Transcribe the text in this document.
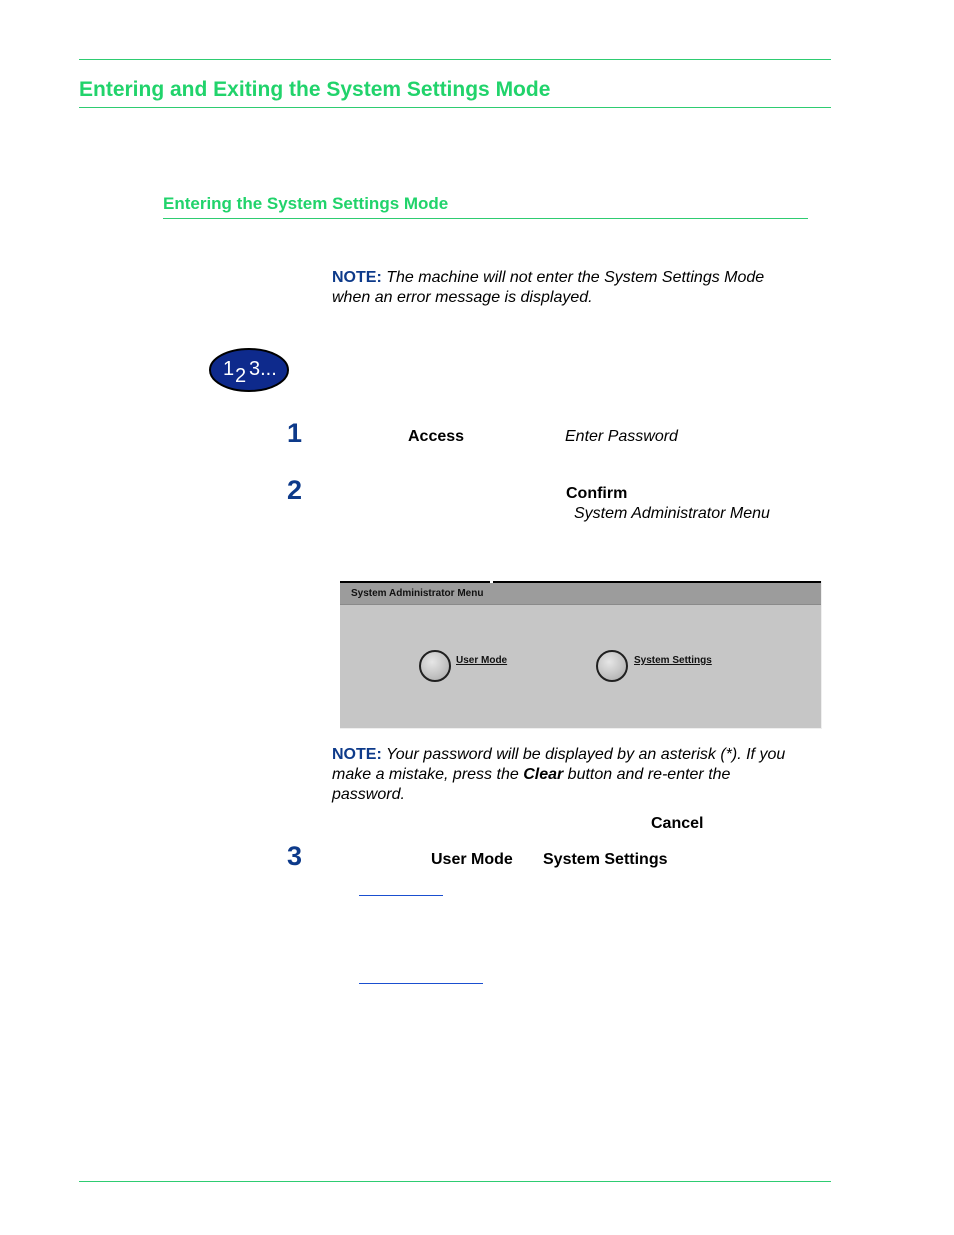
Entering and Exiting the System Settings Mode
Entering the System Settings Mode
NOTE: The machine will not enter the System Settings Mode
when an error message is displayed.
1 2 3...
1	Access	Enter Password
2	Confirm
System Administrator Menu
System Administrator Menu
User Mode	System Settings
NOTE: Your password will be displayed by an asterisk (*). If you
make a mistake, press the Clear button and re-enter the
password.
Cancel
3	User Mode System Settings
